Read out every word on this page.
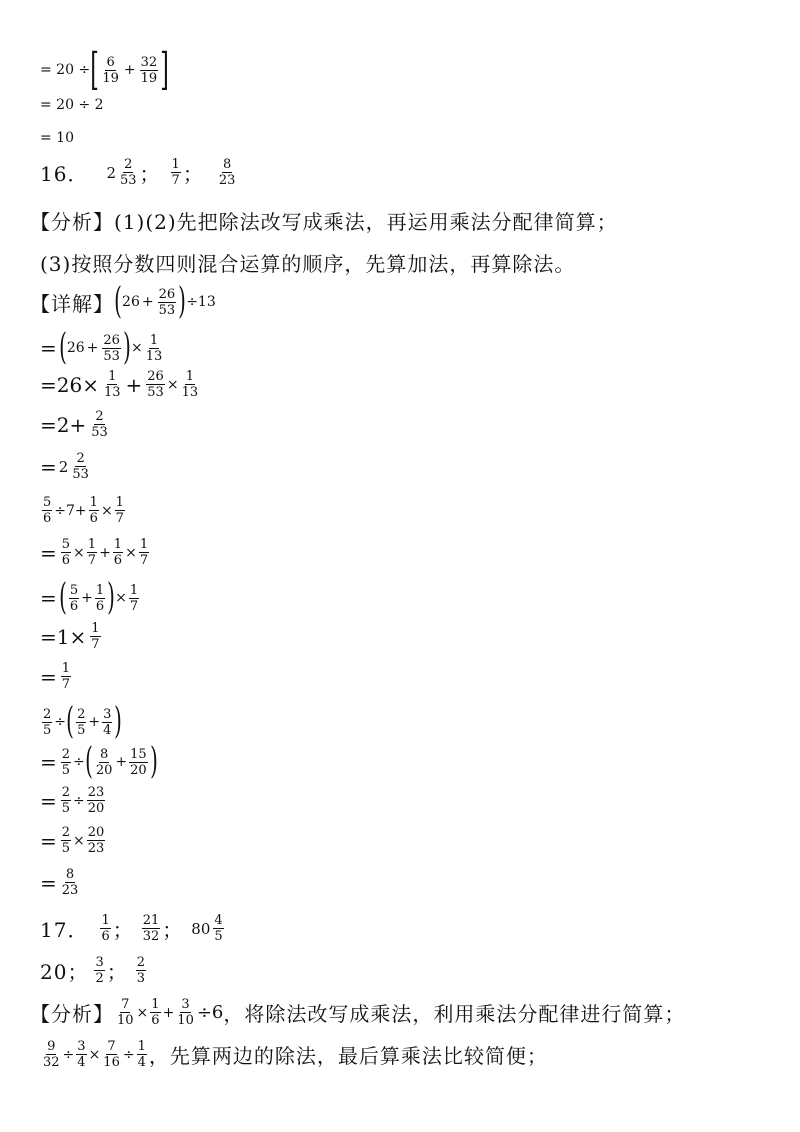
= 20 ÷ [ $\frac{6}{19} + \frac{32}{19}$ ]
= 20 ÷ 2
= 10
16． $2 \frac{2}{53}$ ； $\frac{1}{7}$ ； $\frac{8}{23}$
【分析】(1)(2)先把除法改写成乘法，再运用乘法分配律简算；
(3)按照分数四则混合运算的顺序，先算加法，再算除法。
【详解】 ( $26 + \frac{26}{53}$ ) ÷13
= ( $26 + \frac{26}{53}$ ) × $\frac{1}{13}$
$=26\times \frac{1}{13} + \frac{26}{53} \times \frac{1}{13}$
$=2+ \frac{2}{53}$
= $2 \frac{2}{53}$
$\frac{5}{6} \div 7+ \frac{1}{6} \times \frac{1}{7}$
= $\frac{5}{6} \times \frac{1}{7} + \frac{1}{6} \times \frac{1}{7}$
= ( $\frac{5}{6} + \frac{1}{6}$ ) × $\frac{1}{7}$
$=1\times \frac{1}{7}$
= $\frac{1}{7}$
$\frac{2}{5}$ ÷ ( $\frac{2}{5} + \frac{3}{4}$ )
= $\frac{2}{5}$ ÷ ( $\frac{8}{20} + \frac{15}{20}$ )
= $\frac{2}{5} \div \frac{23}{20}$
= $\frac{2}{5} \times \frac{20}{23}$
= $\frac{8}{23}$
17． $\frac{1}{6}$ ； $\frac{21}{32}$ ； $80 \frac{4}{5}$
20； $\frac{3}{2}$ ； $\frac{2}{3}$
【分析】 $\frac{7}{10} \times \frac{1}{6} + \frac{3}{10} \div 6$ ，将除法改写成乘法，利用乘法分配律进行简算；
$\frac{9}{32} \div \frac{3}{4} \times \frac{7}{16} \div \frac{1}{4}$ ，先算两边的除法，最后算乘法比较简便；
